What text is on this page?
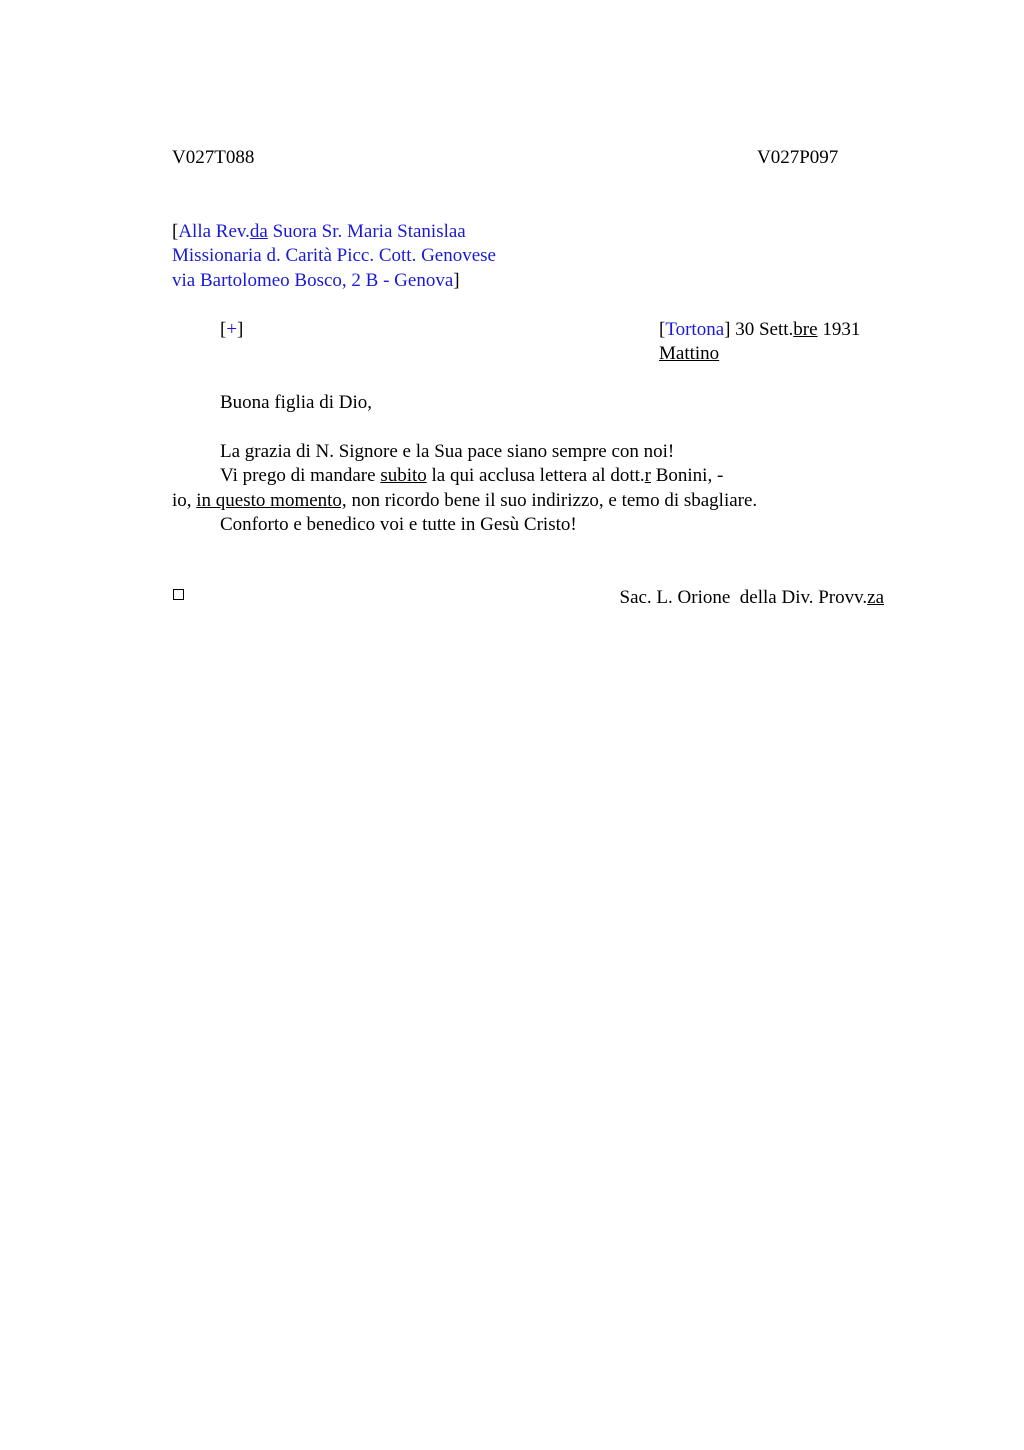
V027T088	V027P097
[Alla Rev.da Suora Sr. Maria Stanislaa
Missionaria d. Carità Picc. Cott. Genovese
via Bartolomeo Bosco, 2 B - Genova]
[+]	[Tortona] 30 Sett.bre 1931
Mattino
Buona figlia di Dio,
La grazia di N. Signore e la Sua pace siano sempre con noi!
Vi prego di mandare subito la qui acclusa lettera al dott.r Bonini, -
io, in questo momento, non ricordo bene il suo indirizzo, e temo di sbagliare.
Conforto e benedico voi e tutte in Gesù Cristo!

Sac. L. Orione  della Div. Provv.za
